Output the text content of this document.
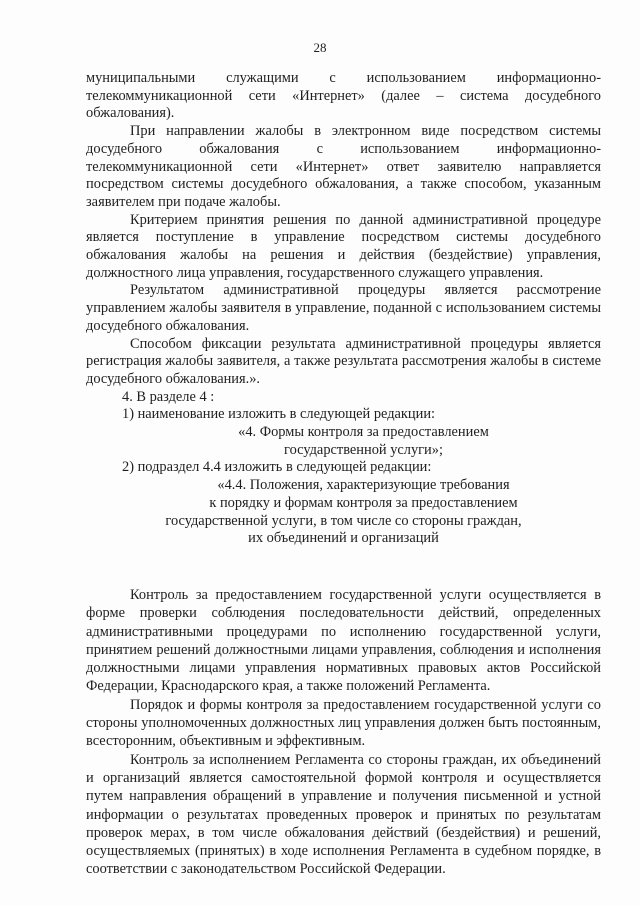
28

муниципальными служащими с использованием информационно-телекоммуникационной сети «Интернет» (далее – система досудебного обжалования).

При направлении жалобы в электронном виде посредством системы досудебного обжалования с использованием информационно-телекоммуникационной сети «Интернет» ответ заявителю направляется посредством системы досудебного обжалования, а также способом, указанным заявителем при подаче жалобы.

Критерием принятия решения по данной административной процедуре является поступление в управление посредством системы досудебного обжалования жалобы на решения и действия (бездействие) управления, должностного лица управления, государственного служащего управления.

Результатом административной процедуры является рассмотрение управлением жалобы заявителя в управление, поданной с использованием системы досудебного обжалования.

Способом фиксации результата административной процедуры является регистрация жалобы заявителя, а также результата рассмотрения жалобы в системе досудебного обжалования.».

4. В разделе 4 :

1) наименование изложить в следующей редакции:

«4. Формы контроля за предоставлением

государственной услуги»;

2) подраздел 4.4 изложить в следующей редакции:

«4.4. Положения, характеризующие требования

к порядку и формам контроля за предоставлением

государственной услуги, в том числе со стороны граждан,

их объединений и организаций

Контроль за предоставлением государственной услуги осуществляется в форме проверки соблюдения последовательности действий, определенных административными процедурами по исполнению государственной услуги, принятием решений должностными лицами управления, соблюдения и исполнения должностными лицами управления нормативных правовых актов Российской Федерации, Краснодарского края, а также положений Регламента.

Порядок и формы контроля за предоставлением государственной услуги со стороны уполномоченных должностных лиц управления должен быть постоянным, всесторонним, объективным и эффективным.

Контроль за исполнением Регламента со стороны граждан, их объединений и организаций является самостоятельной формой контроля и осуществляется путем направления обращений в управление и получения письменной и устной информации о результатах проведенных проверок и принятых по результатам проверок мерах, в том числе обжалования действий (бездействия) и решений, осуществляемых (принятых) в ходе исполнения Регламента в судебном порядке, в соответствии с законодательством Российской Федерации.
